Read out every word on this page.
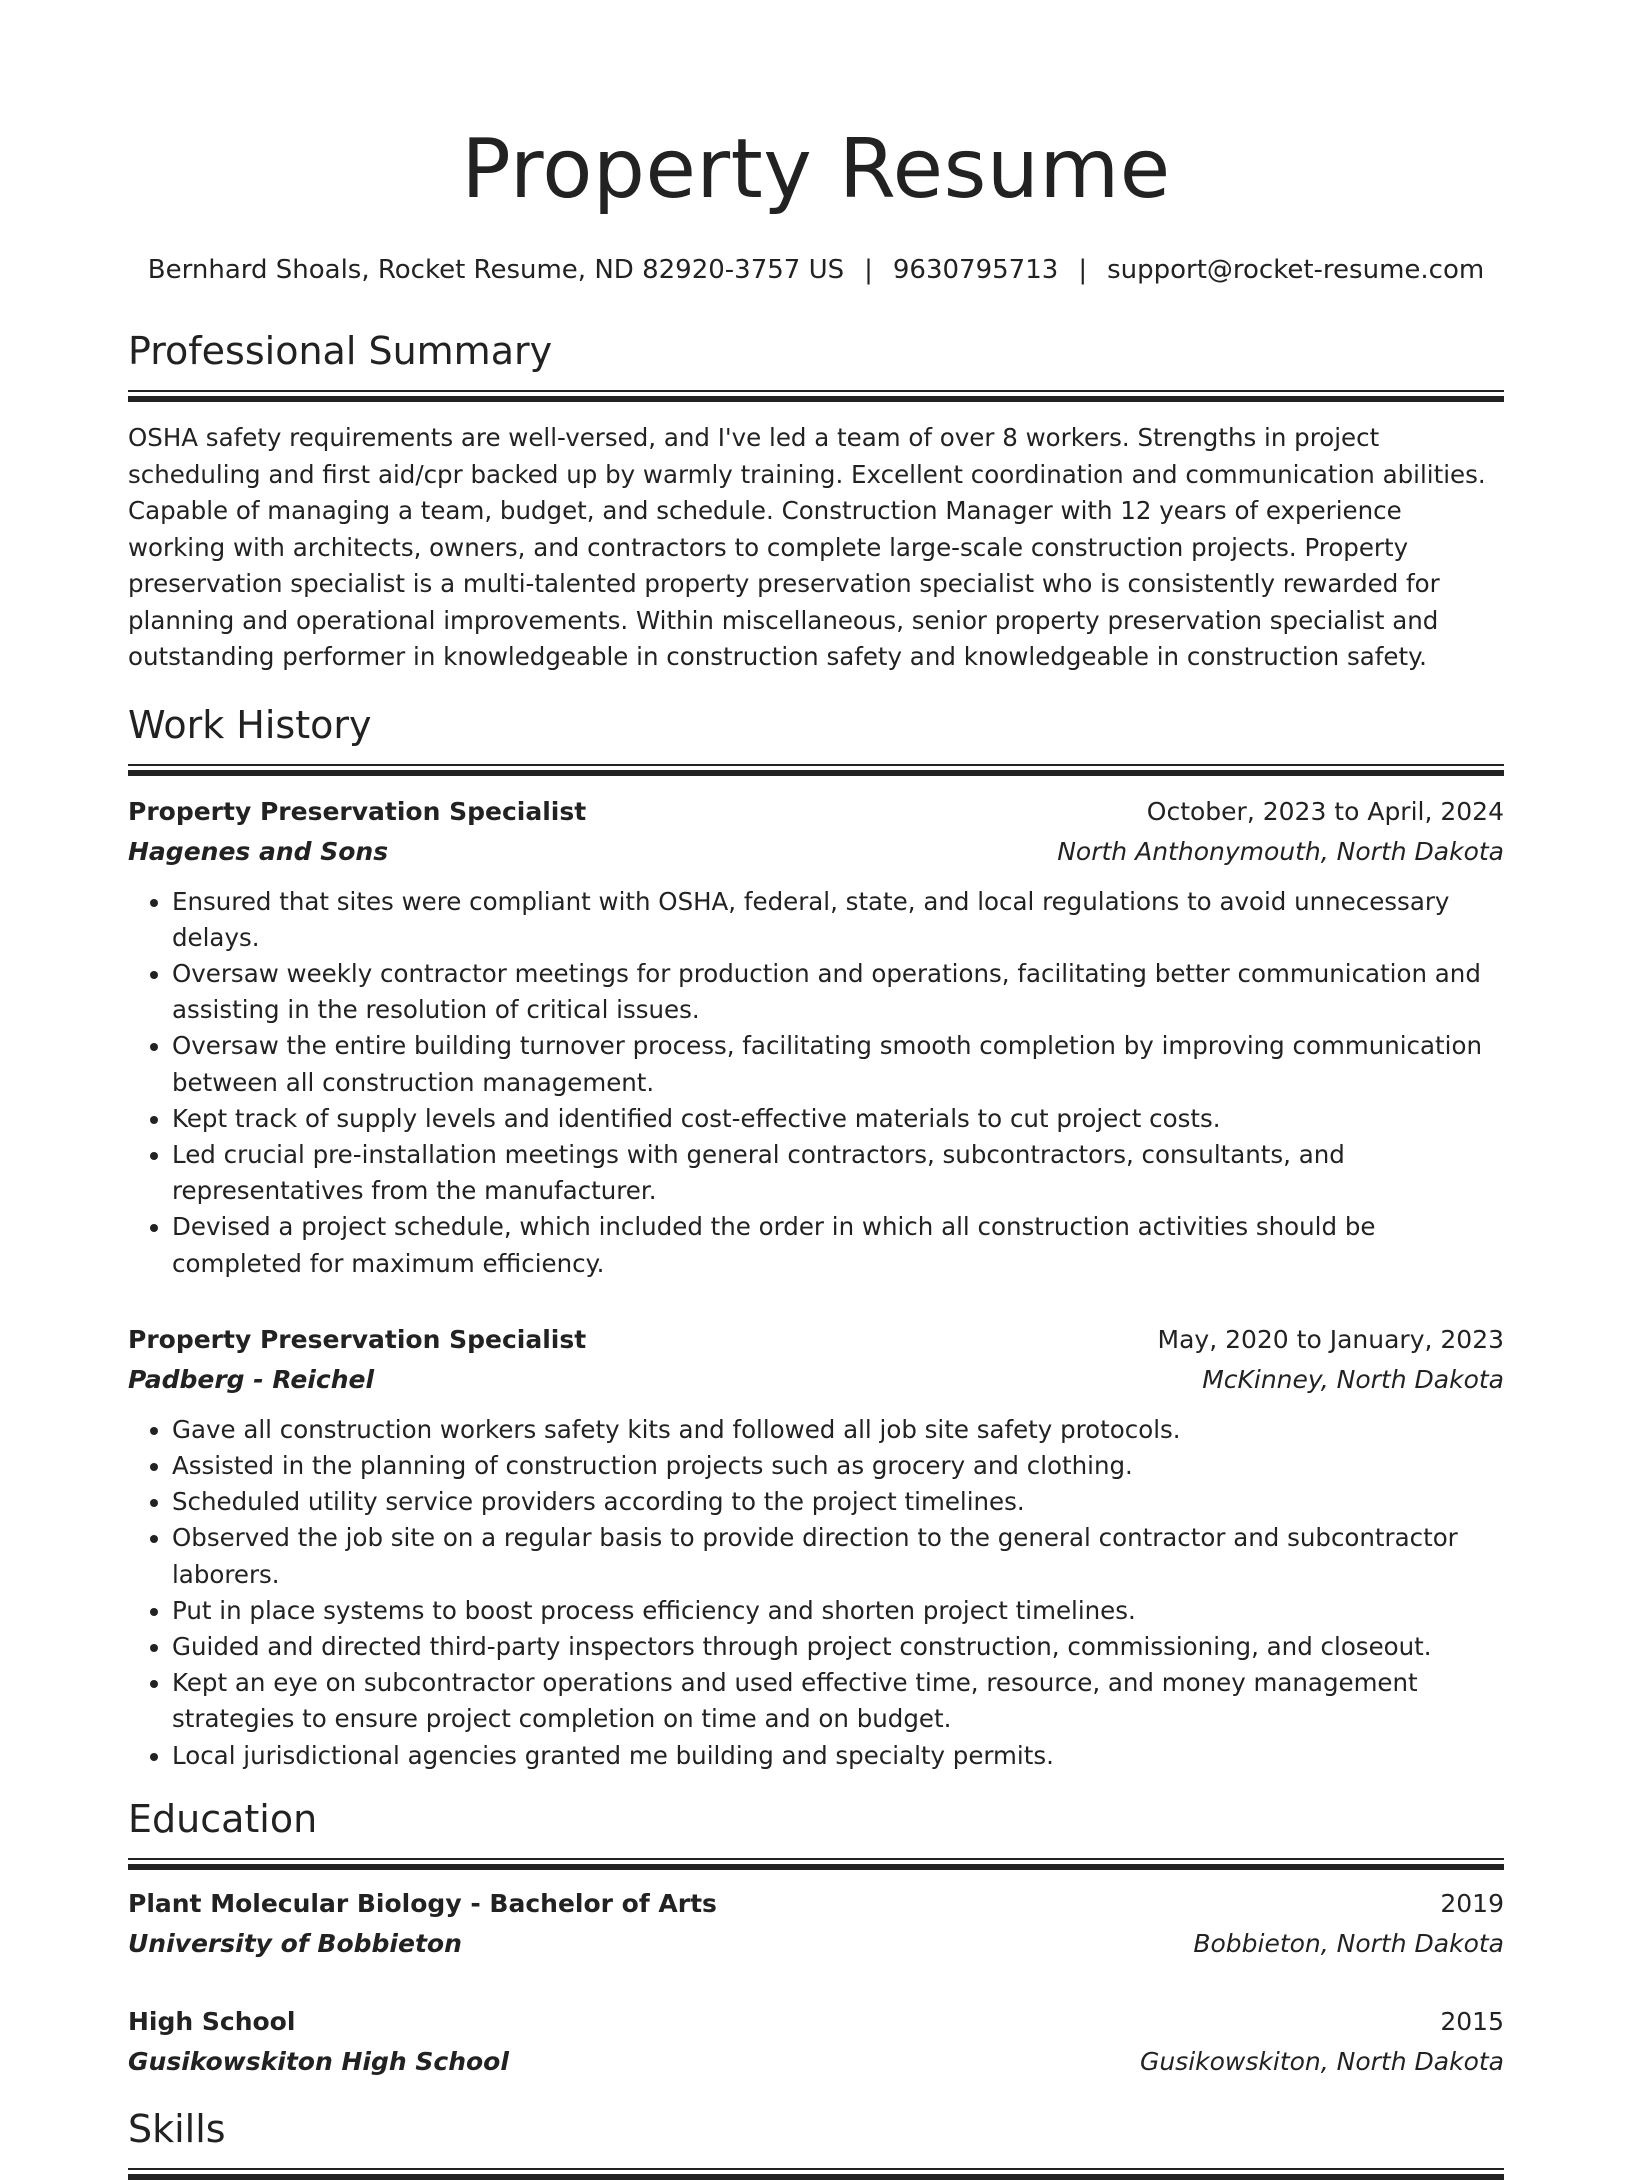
Property Resume
Bernhard Shoals, Rocket Resume, ND 82920-3757 US | 9630795713 | support@rocket-resume.com
Professional Summary
OSHA safety requirements are well-versed, and I've led a team of over 8 workers. Strengths in project scheduling and first aid/cpr backed up by warmly training. Excellent coordination and communication abilities. Capable of managing a team, budget, and schedule. Construction Manager with 12 years of experience working with architects, owners, and contractors to complete large-scale construction projects. Property preservation specialist is a multi-talented property preservation specialist who is consistently rewarded for planning and operational improvements. Within miscellaneous, senior property preservation specialist and outstanding performer in knowledgeable in construction safety and knowledgeable in construction safety.
Work History
Property Preservation Specialist	October, 2023 to April, 2024
Hagenes and Sons	North Anthonymouth, North Dakota
• Ensured that sites were compliant with OSHA, federal, state, and local regulations to avoid unnecessary delays.
• Oversaw weekly contractor meetings for production and operations, facilitating better communication and assisting in the resolution of critical issues.
• Oversaw the entire building turnover process, facilitating smooth completion by improving communication between all construction management.
• Kept track of supply levels and identified cost-effective materials to cut project costs.
• Led crucial pre-installation meetings with general contractors, subcontractors, consultants, and representatives from the manufacturer.
• Devised a project schedule, which included the order in which all construction activities should be completed for maximum efficiency.
Property Preservation Specialist	May, 2020 to January, 2023
Padberg - Reichel	McKinney, North Dakota
• Gave all construction workers safety kits and followed all job site safety protocols.
• Assisted in the planning of construction projects such as grocery and clothing.
• Scheduled utility service providers according to the project timelines.
• Observed the job site on a regular basis to provide direction to the general contractor and subcontractor laborers.
• Put in place systems to boost process efficiency and shorten project timelines.
• Guided and directed third-party inspectors through project construction, commissioning, and closeout.
• Kept an eye on subcontractor operations and used effective time, resource, and money management strategies to ensure project completion on time and on budget.
• Local jurisdictional agencies granted me building and specialty permits.
Education
Plant Molecular Biology - Bachelor of Arts	2019
University of Bobbieton	Bobbieton, North Dakota
High School	2015
Gusikowskiton High School	Gusikowskiton, North Dakota
Skills
